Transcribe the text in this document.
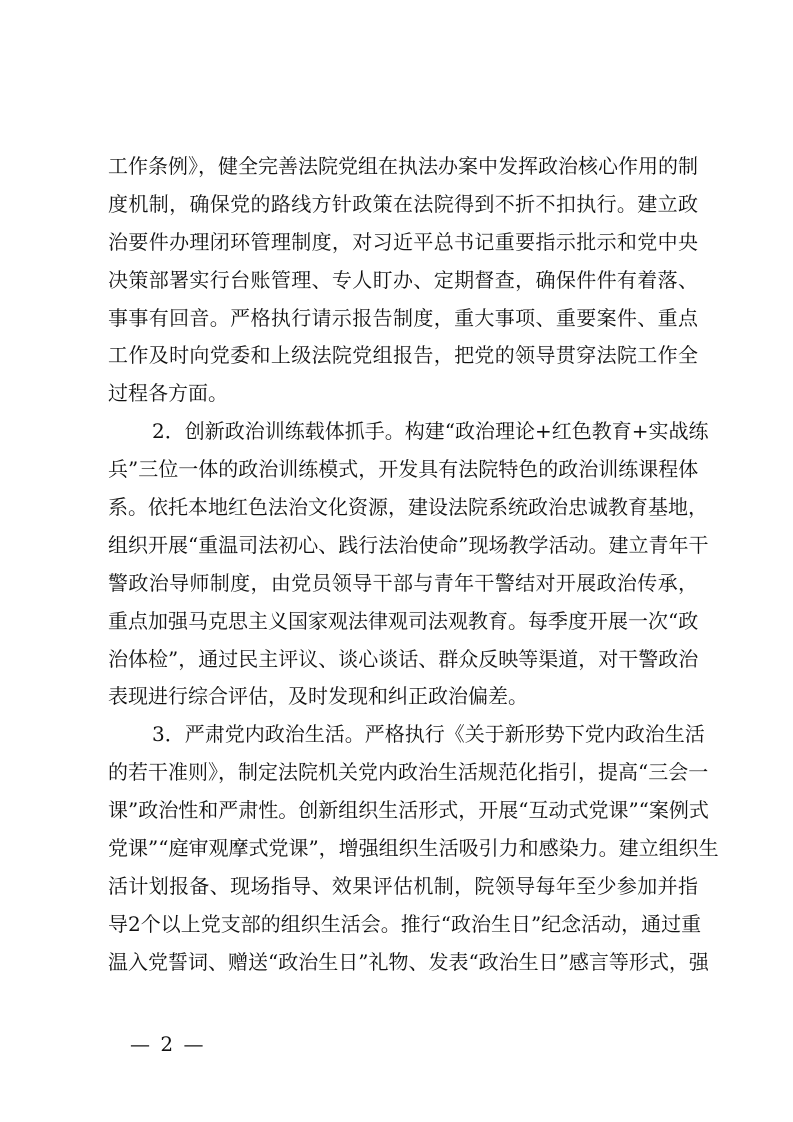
工作条例》，健全完善法院党组在执法办案中发挥政治核心作用的制
度机制，确保党的路线方针政策在法院得到不折不扣执行。建立政
治要件办理闭环管理制度，对习近平总书记重要指示批示和党中央
决策部署实行台账管理、专人盯办、定期督查，确保件件有着落、
事事有回音。严格执行请示报告制度，重大事项、重要案件、重点
工作及时向党委和上级法院党组报告，把党的领导贯穿法院工作全
过程各方面。
2．创新政治训练载体抓手。构建“政治理论+红色教育+实战练
兵”三位一体的政治训练模式，开发具有法院特色的政治训练课程体
系。依托本地红色法治文化资源，建设法院系统政治忠诚教育基地，
组织开展“重温司法初心、践行法治使命”现场教学活动。建立青年干
警政治导师制度，由党员领导干部与青年干警结对开展政治传承，
重点加强马克思主义国家观法律观司法观教育。每季度开展一次“政
治体检”，通过民主评议、谈心谈话、群众反映等渠道，对干警政治
表现进行综合评估，及时发现和纠正政治偏差。
3．严肃党内政治生活。严格执行《关于新形势下党内政治生活
的若干准则》，制定法院机关党内政治生活规范化指引，提高“三会一
课”政治性和严肃性。创新组织生活形式，开展“互动式党课”“案例式
党课”“庭审观摩式党课”，增强组织生活吸引力和感染力。建立组织生
活计划报备、现场指导、效果评估机制，院领导每年至少参加并指
导2个以上党支部的组织生活会。推行“政治生日”纪念活动，通过重
温入党誓词、赠送“政治生日”礼物、发表“政治生日”感言等形式，强
— 2 —
